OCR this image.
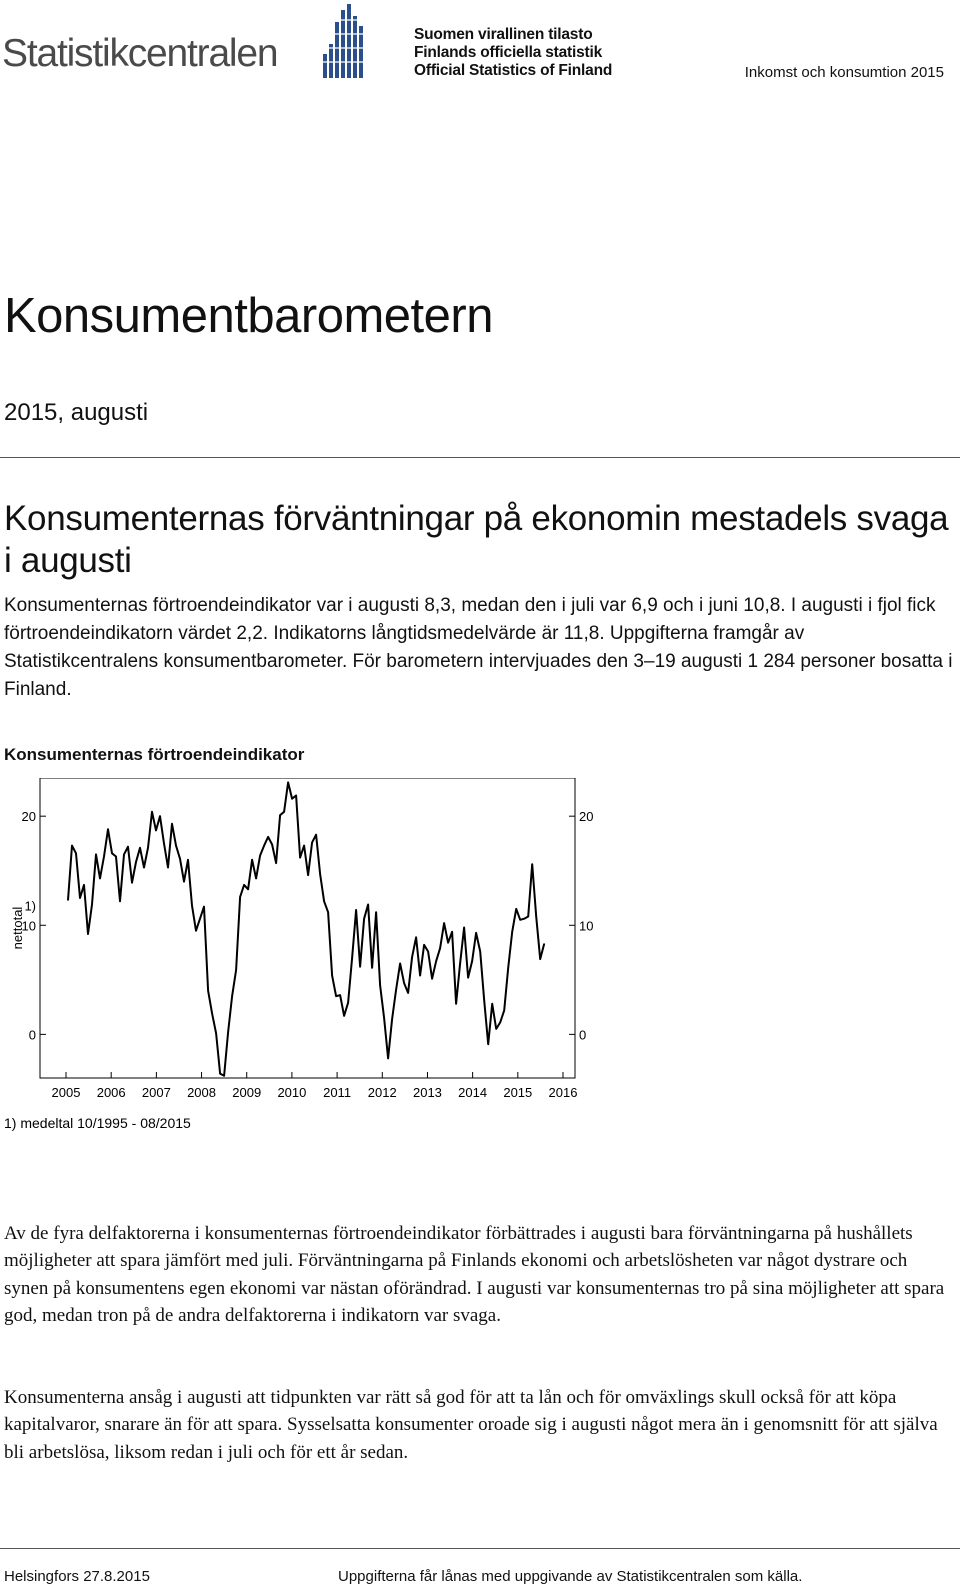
Statistikcentralen	Suomen virallinen tilasto
Finlands officiella statistik
Official Statistics of Finland	Inkomst och konsumtion 2015
Konsumentbarometern
2015, augusti
Konsumenternas förväntningar på ekonomin mestadels svaga i augusti
Konsumenternas förtroendeindikator var i augusti 8,3, medan den i juli var 6,9 och i juni 10,8. I augusti i fjol fick förtroendeindikatorn värdet 2,2. Indikatorns långtidsmedelvärde är 11,8. Uppgifterna framgår av Statistikcentralens konsumentbarometer. För barometern intervjuades den 3–19 augusti 1 284 personer bosatta i Finland.
Konsumenternas förtroendeindikator
0
10
20
0
10
20
2005 2006 2007 2008 2009 2010 2011 2012 2013 2014 2015 2016
1)
nettotal
1) medeltal 10/1995 - 08/2015
Av de fyra delfaktorerna i konsumenternas förtroendeindikator förbättrades i augusti bara förväntningarna på hushållets möjligheter att spara jämfört med juli. Förväntningarna på Finlands ekonomi och arbetslösheten var något dystrare och synen på konsumentens egen ekonomi var nästan oförändrad. I augusti var konsumenternas tro på sina möjligheter att spara god, medan tron på de andra delfaktorerna i indikatorn var svaga.
Konsumenterna ansåg i augusti att tidpunkten var rätt så god för att ta lån och för omväxlings skull också för att köpa kapitalvaror, snarare än för att spara. Sysselsatta konsumenter oroade sig i augusti något mera än i genomsnitt för att själva bli arbetslösa, liksom redan i juli och för ett år sedan.
Helsingfors 27.8.2015	Uppgifterna får lånas med uppgivande av Statistikcentralen som källa.
